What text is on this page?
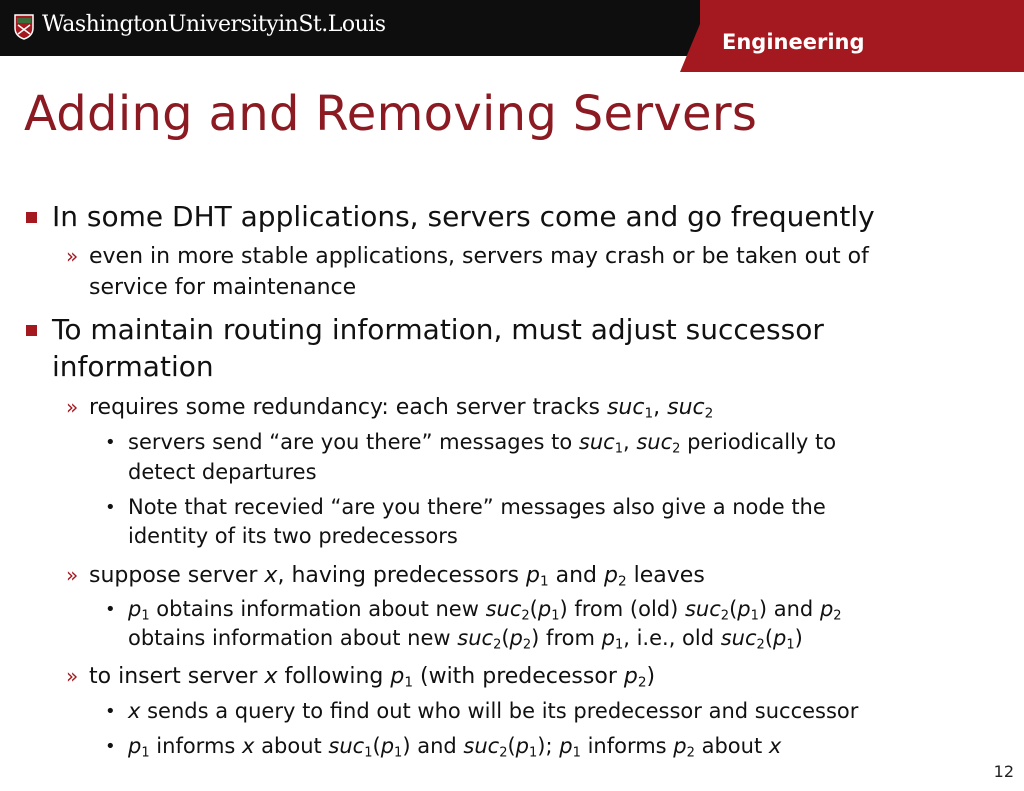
WashingtonUniversityinSt.Louis
Engineering
Adding and Removing Servers
In some DHT applications, servers come and go frequently
» even in more stable applications, servers may crash or be taken out of
service for maintenance
To maintain routing information, must adjust successor
information
» requires some redundancy: each server tracks suc$_1$, suc$_2$
• servers send “are you there” messages to suc$_1$, suc$_2$ periodically to
detect departures
• Note that recevied “are you there” messages also give a node the
identity of its two predecessors
» suppose server x, having predecessors $p_1$ and $p_2$ leaves
• $p_1$ obtains information about new $suc_2(p_1)$ from (old) $suc_2(p_1)$ and $p_2$
obtains information about new $suc_2(p_2)$ from $p_1$, i.e., old $suc_2(p_1)$
» to insert server x following $p_1$ (with predecessor $p_2$)
• x sends a query to find out who will be its predecessor and successor
• $p_1$ informs x about $suc_1(p_1)$ and $suc_2(p_1)$; $p_1$ informs $p_2$ about x
12
